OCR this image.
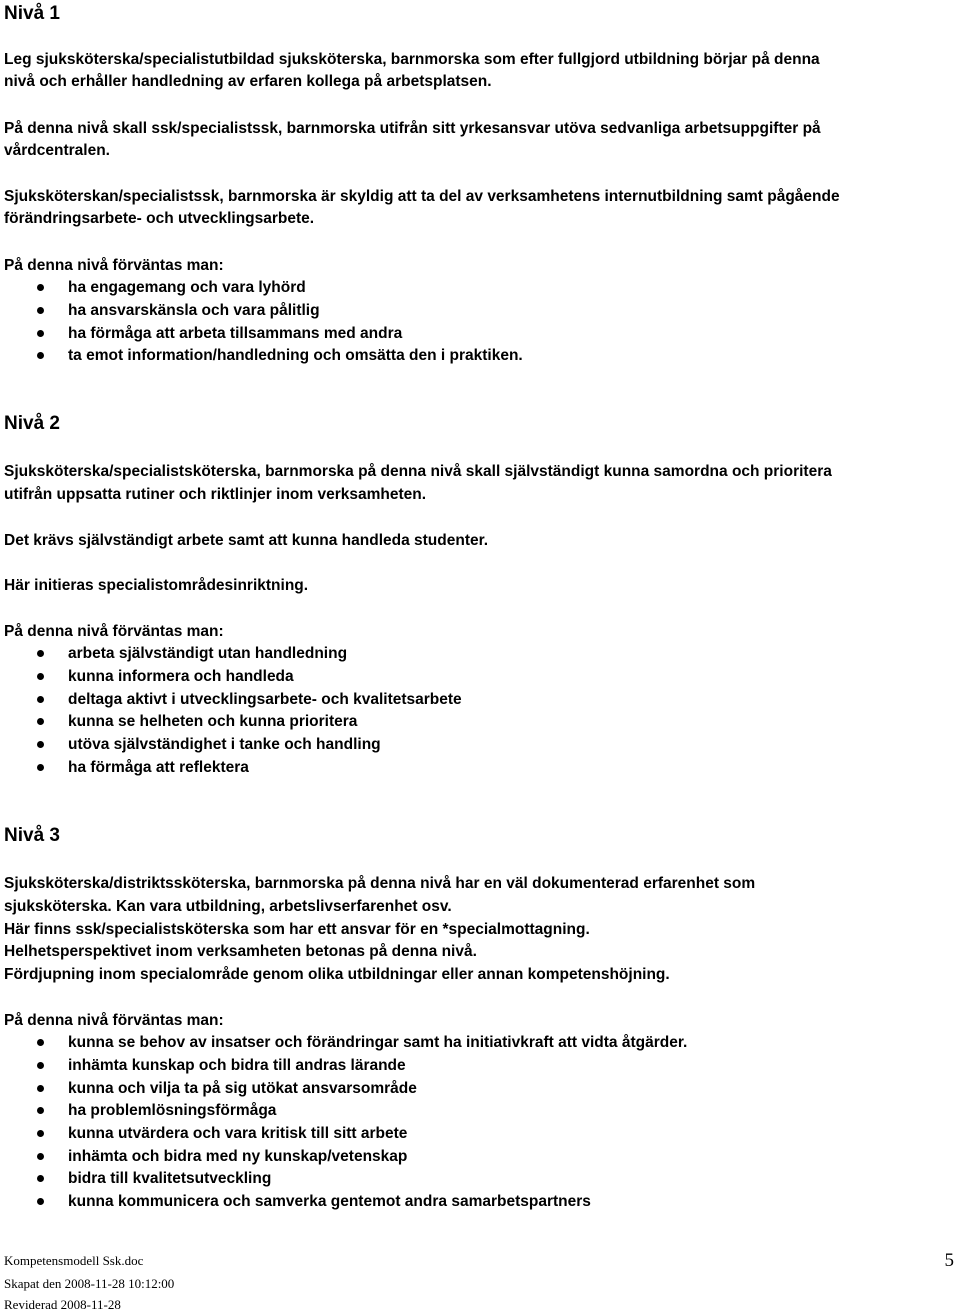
Nivå 1
Leg sjuksköterska/specialistutbildad sjuksköterska, barnmorska som efter fullgjord utbildning börjar på denna
nivå och erhåller handledning av erfaren kollega på arbetsplatsen.
På denna nivå skall ssk/specialistssk, barnmorska utifrån sitt yrkesansvar utöva sedvanliga arbetsuppgifter på
vårdcentralen.
Sjuksköterskan/specialistssk, barnmorska är skyldig att ta del av verksamhetens internutbildning samt pågående
förändringsarbete- och utvecklingsarbete.
På denna nivå förväntas man:
ha engagemang och vara lyhörd
ha ansvarskänsla och vara pålitlig
ha förmåga att arbeta tillsammans med andra
ta emot information/handledning och omsätta den i praktiken.
Nivå 2
Sjuksköterska/specialistsköterska, barnmorska på denna nivå skall självständigt kunna samordna och prioritera
utifrån uppsatta rutiner och riktlinjer inom verksamheten.
Det krävs självständigt arbete samt att kunna handleda studenter.
Här initieras specialistområdesinriktning.
På denna nivå förväntas man:
arbeta självständigt utan handledning
kunna informera och handleda
deltaga aktivt i utvecklingsarbete- och kvalitetsarbete
kunna se helheten och kunna prioritera
utöva självständighet i tanke och handling
ha förmåga att reflektera
Nivå 3
Sjuksköterska/distriktssköterska, barnmorska på denna nivå har en väl dokumenterad erfarenhet som
sjuksköterska. Kan vara utbildning, arbetslivserfarenhet osv.
Här finns ssk/specialistsköterska som har ett ansvar för en *specialmottagning.
Helhetsperspektivet inom verksamheten betonas på denna nivå.
Fördjupning inom specialområde genom olika utbildningar eller annan kompetenshöjning.
På denna nivå förväntas man:
kunna se behov av insatser och förändringar samt ha initiativkraft att vidta åtgärder.
inhämta kunskap och bidra till andras lärande
kunna och vilja ta på sig utökat ansvarsområde
ha problemlösningsförmåga
kunna utvärdera och vara kritisk till sitt arbete
inhämta och bidra med ny kunskap/vetenskap
bidra till kvalitetsutveckling
kunna kommunicera och samverka gentemot andra samarbetspartners
Kompetensmodell Ssk.doc
Skapat den 2008-11-28 10:12:00
Reviderad 2008-11-28
5
